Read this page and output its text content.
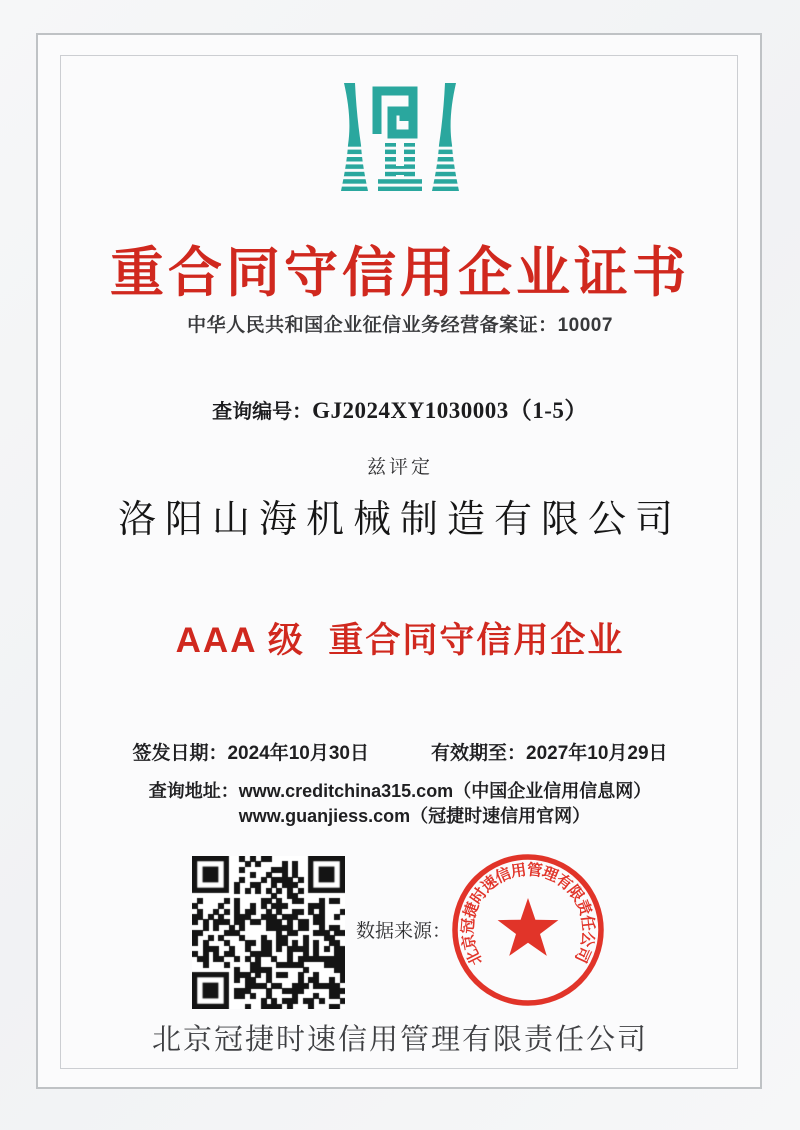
重合同守信用企业证书
中华人民共和国企业征信业务经营备案证：10007
查询编号：GJ2024XY1030003（1-5）
兹评定
洛阳山海机械制造有限公司
AAA 级  重合同守信用企业
签发日期：2024年10月30日	有效期至：2027年10月29日
查询地址： www.creditchina315.com（中国企业信用信息网）
www.guanjiess.com（冠捷时速信用官网）
数据来源：
北京冠捷时速信用管理有限责任公司
北京冠捷时速信用管理有限责任公司
